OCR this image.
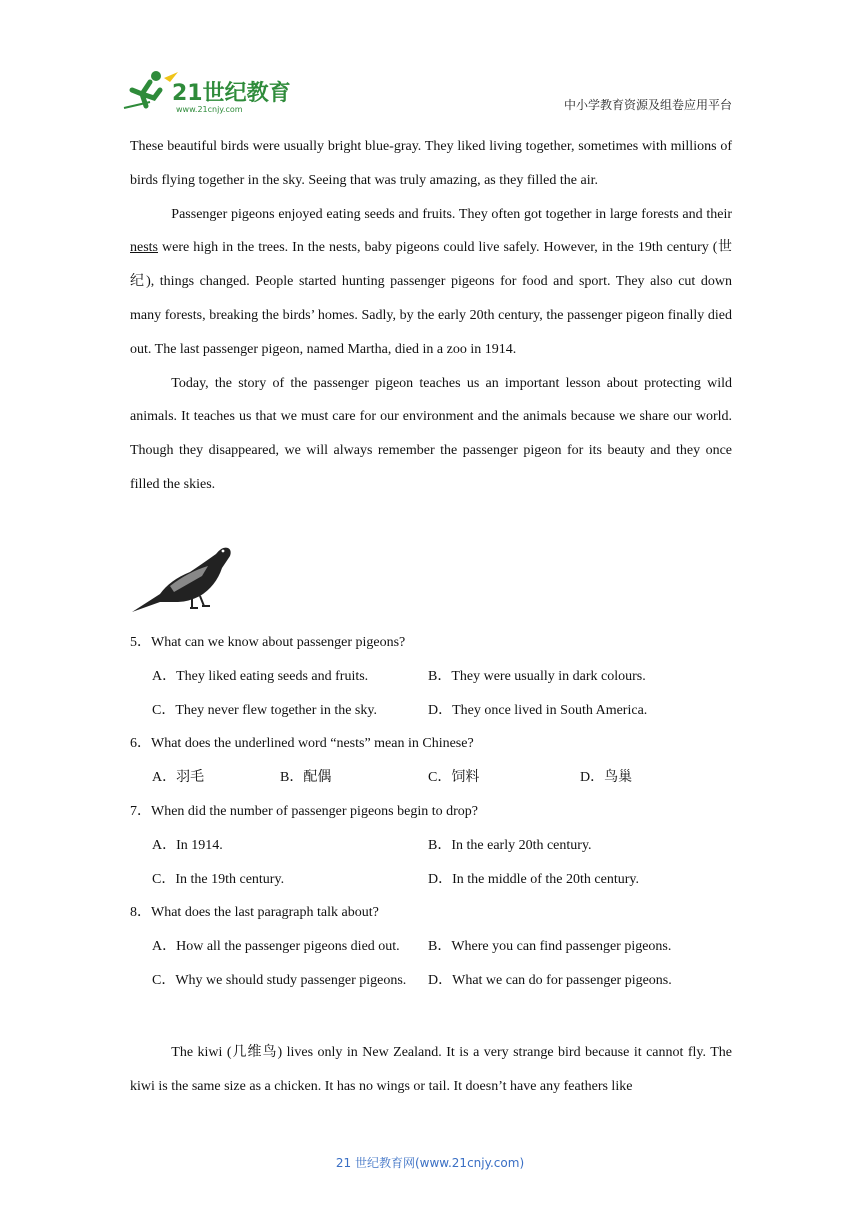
21世纪教育
www.21cnjy.com	中小学教育资源及组卷应用平台

These beautiful birds were usually bright blue-gray. They liked living together, sometimes with millions of birds flying together in the sky. Seeing that was truly amazing, as they filled the air.

Passenger pigeons enjoyed eating seeds and fruits. They often got together in large forests and their nests were high in the trees. In the nests, baby pigeons could live safely. However, in the 19th century (世纪), things changed. People started hunting passenger pigeons for food and sport. They also cut down many forests, breaking the birds’ homes. Sadly, by the early 20th century, the passenger pigeon finally died out. The last passenger pigeon, named Martha, died in a zoo in 1914.

Today, the story of the passenger pigeon teaches us an important lesson about protecting wild animals. It teaches us that we must care for our environment and the animals because we share our world. Though they disappeared, we will always remember the passenger pigeon for its beauty and they once filled the skies.

5．What can we know about passenger pigeons?
A．They liked eating seeds and fruits.	B．They were usually in dark colours.
C．They never flew together in the sky.	D．They once lived in South America.
6．What does the underlined word “nests” mean in Chinese?
A．羽毛	B．配偶	C．饲料	D．鸟巢
7．When did the number of passenger pigeons begin to drop?
A．In 1914.	B．In the early 20th century.
C．In the 19th century.	D．In the middle of the 20th century.
8．What does the last paragraph talk about?
A．How all the passenger pigeons died out. B．Where you can find passenger pigeons.
C．Why we should study passenger pigeons. D．What we can do for passenger pigeons.

The kiwi (几维鸟) lives only in New Zealand. It is a very strange bird because it cannot fly. The kiwi is the same size as a chicken. It has no wings or tail. It doesn’t have any feathers like

21 世纪教育网(www.21cnjy.com)
